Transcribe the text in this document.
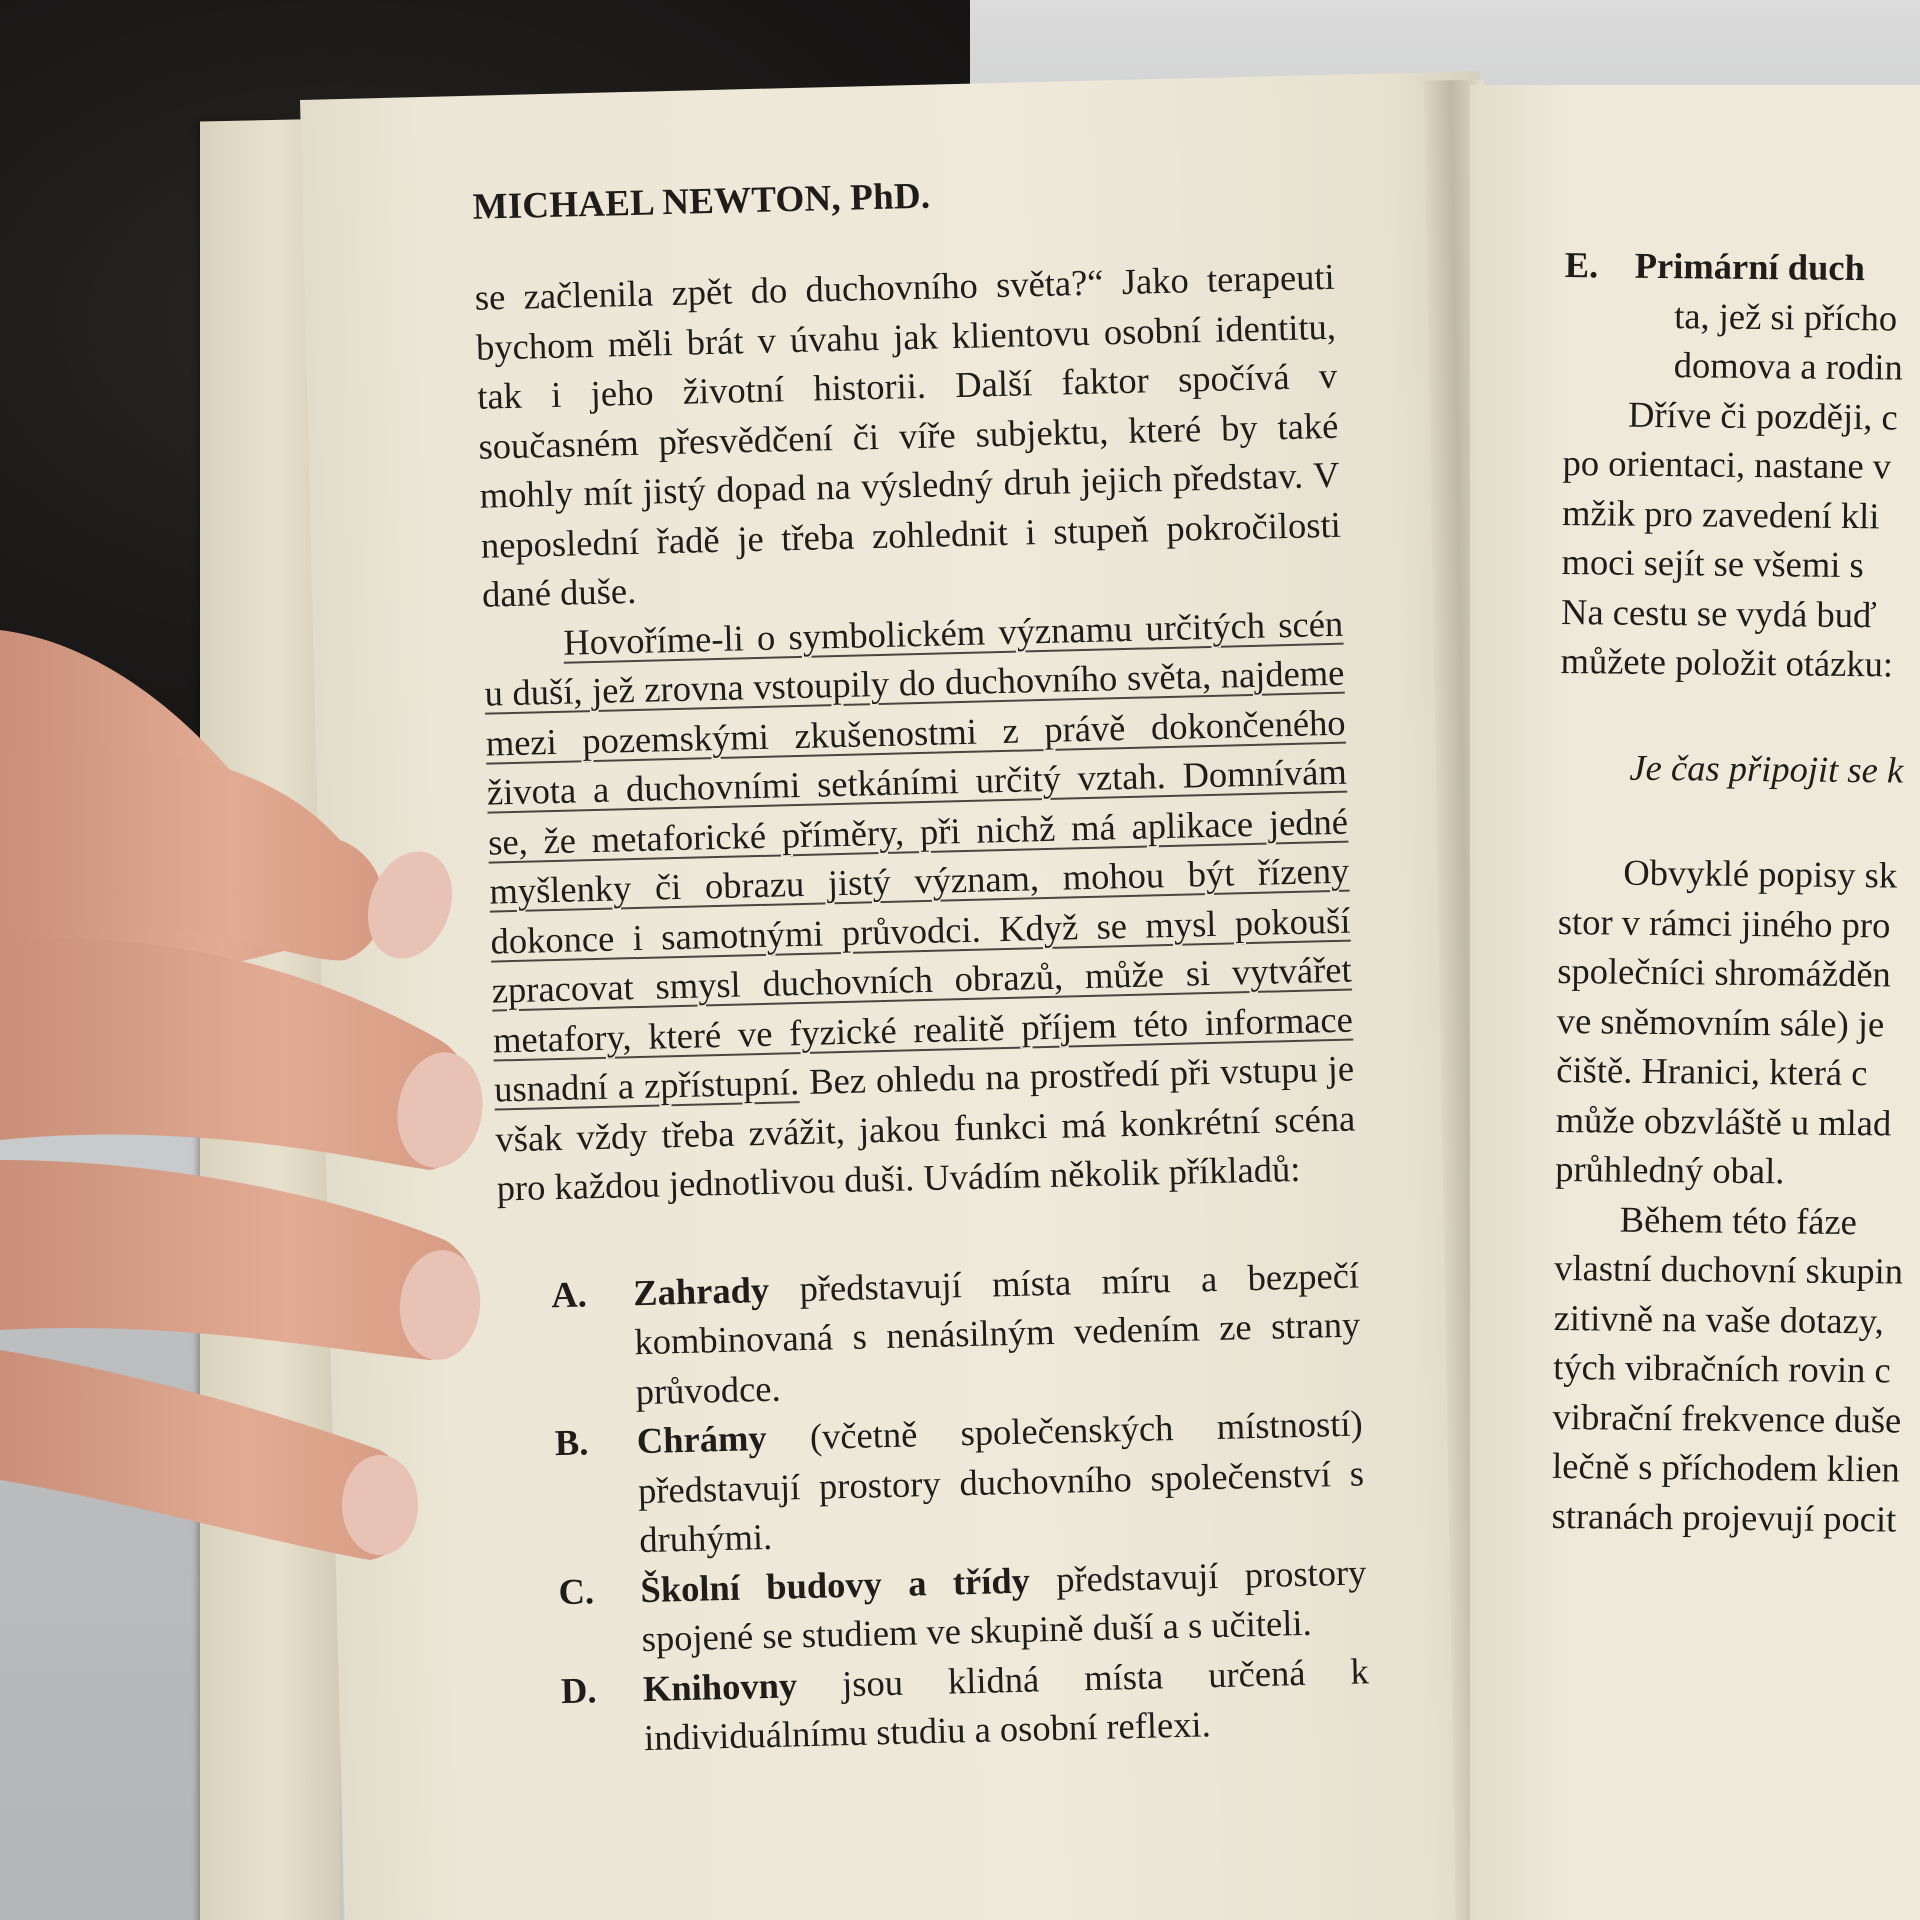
MICHAEL NEWTON, PhD.

se začlenila zpět do duchovního světa?“ Jako terapeuti bychom měli brát v úvahu jak klientovu osobní identitu, tak i jeho životní historii. Další faktor spočívá v současném přesvědčení či víře subjektu, které by také mohly mít jistý dopad na výsledný druh jejich představ. V neposlední řadě je třeba zohlednit i stupeň pokročilosti dané duše.

Hovoříme-li o symbolickém významu určitých scén u duší, jež zrovna vstoupily do duchovního světa, najdeme mezi pozemskými zkušenostmi z právě dokončeného života a duchovními setkáními určitý vztah. Domnívám se, že metaforické příměry, při nichž má aplikace jedné myšlenky či obrazu jistý význam, mohou být řízeny dokonce i samotnými průvodci. Když se mysl pokouší zpracovat smysl duchovních obrazů, může si vytvářet metafory, které ve fyzické realitě příjem této informace usnadní a zpřístupní. Bez ohledu na prostředí při vstupu je však vždy třeba zvážit, jakou funkci má konkrétní scéna pro každou jednotlivou duši. Uvádím několik příkladů:

A.	Zahrady představují místa míru a bezpečí kombinovaná s nenásilným vedením ze strany průvodce.
B.	Chrámy (včetně společenských místností) představují prostory duchovního společenství s druhými.
C.	Školní budovy a třídy představují prostory spojené se studiem ve skupině duší a s učiteli.
D.	Knihovny jsou klidná místa určená k individuálnímu studiu a osobní reflexi.
E. Primární duch
ta, jež si přícho
domova a rodin
Dříve či později, c
po orientaci, nastane v
mžik pro zavedení kli
moci sejít se všemi s
Na cestu se vydá buď
můžete položit otázku:
Je čas připojit se k
Obvyklé popisy sk
stor v rámci jiného pro
společníci shromážděn
ve sněmovním sále) je
čiště. Hranici, která c
může obzvláště u mlad
průhledný obal.
Během této fáze
vlastní duchovní skupin
zitivně na vaše dotazy,
tých vibračních rovin c
vibrační frekvence duše
lečně s příchodem klien
stranách projevují pocit
